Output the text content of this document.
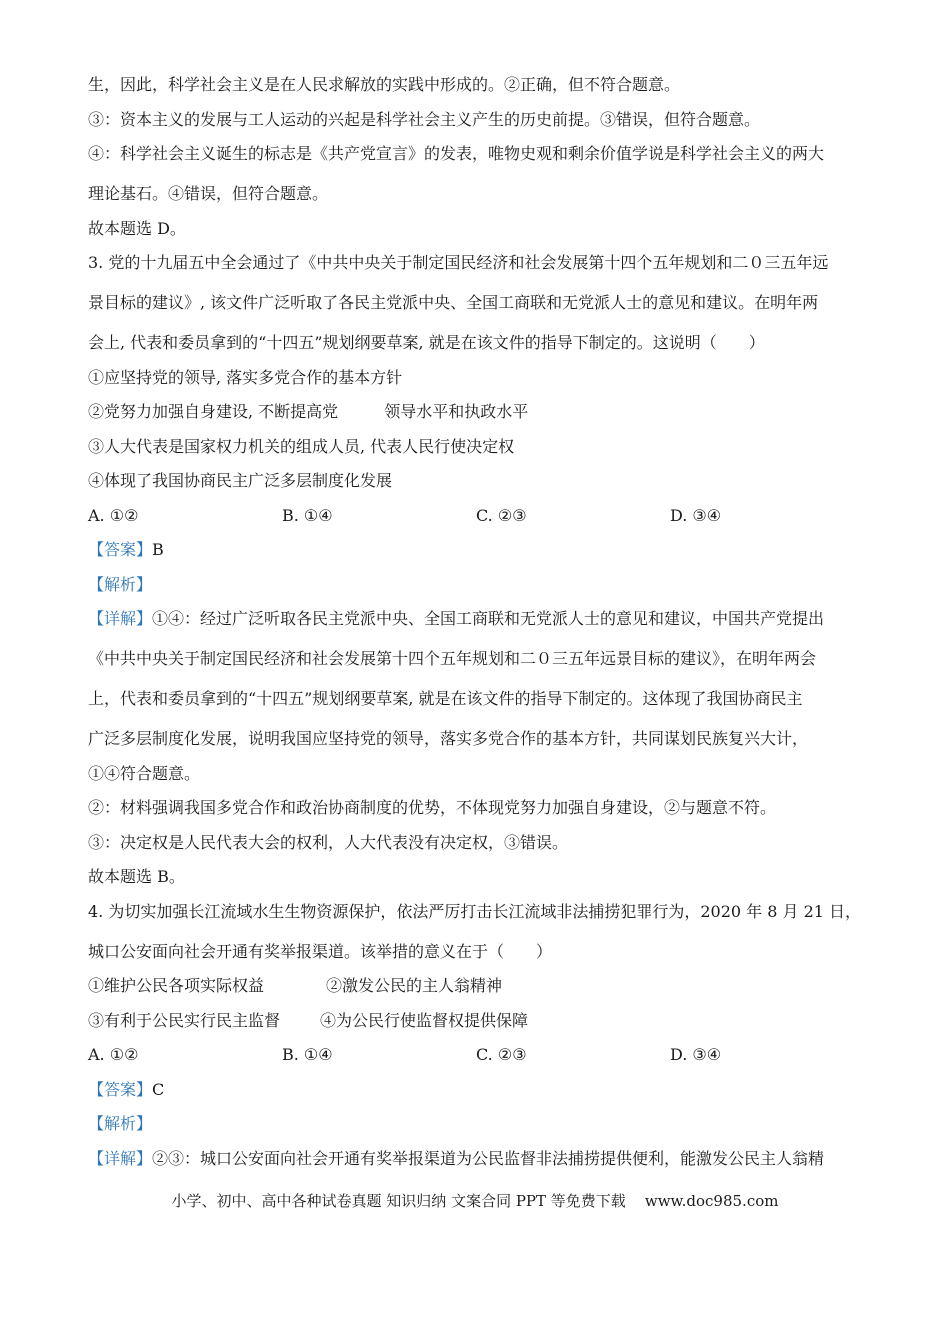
生，因此，科学社会主义是在人民求解放的实践中形成的。②正确，但不符合题意。
③：资本主义的发展与工人运动的兴起是科学社会主义产生的历史前提。③错误，但符合题意。
④：科学社会主义诞生的标志是《共产党宣言》的发表，唯物史观和剩余价值学说是科学社会主义的两大
理论基石。④错误，但符合题意。
故本题选 D。
3. 党的十九届五中全会通过了《中共中央关于制定国民经济和社会发展第十四个五年规划和二０三五年远
景目标的建议》, 该文件广泛听取了各民主党派中央、全国工商联和无党派人士的意见和建议。在明年两
会上, 代表和委员拿到的“十四五”规划纲要草案, 就是在该文件的指导下制定的。这说明（　　）
①应坚持党的领导, 落实多党合作的基本方针
②党努力加强自身建设, 不断提高党	领导水平和执政水平
③人大代表是国家权力机关的组成人员, 代表人民行使决定权
④体现了我国协商民主广泛多层制度化发展
A. ①②	B. ①④	C. ②③	D. ③④
【答案】B
【解析】
【详解】①④：经过广泛听取各民主党派中央、全国工商联和无党派人士的意见和建议，中国共产党提出
《中共中央关于制定国民经济和社会发展第十四个五年规划和二０三五年远景目标的建议》，在明年两会
上，代表和委员拿到的“十四五”规划纲要草案, 就是在该文件的指导下制定的。这体现了我国协商民主
广泛多层制度化发展，说明我国应坚持党的领导，落实多党合作的基本方针，共同谋划民族复兴大计，
①④符合题意。
②：材料强调我国多党合作和政治协商制度的优势，不体现党努力加强自身建设，②与题意不符。
③：决定权是人民代表大会的权利，人大代表没有决定权，③错误。
故本题选 B。
4. 为切实加强长江流域水生生物资源保护，依法严厉打击长江流域非法捕捞犯罪行为，2020 年 8 月 21 日，
城口公安面向社会开通有奖举报渠道。该举措的意义在于（　　）
①维护公民各项实际权益	②激发公民的主人翁精神
③有利于公民实行民主监督	④为公民行使监督权提供保障
A. ①②	B. ①④	C. ②③	D. ③④
【答案】C
【解析】
【详解】②③：城口公安面向社会开通有奖举报渠道为公民监督非法捕捞提供便利，能激发公民主人翁精
小学、初中、高中各种试卷真题 知识归纳 文案合同 PPT 等免费下载 www.doc985.com
